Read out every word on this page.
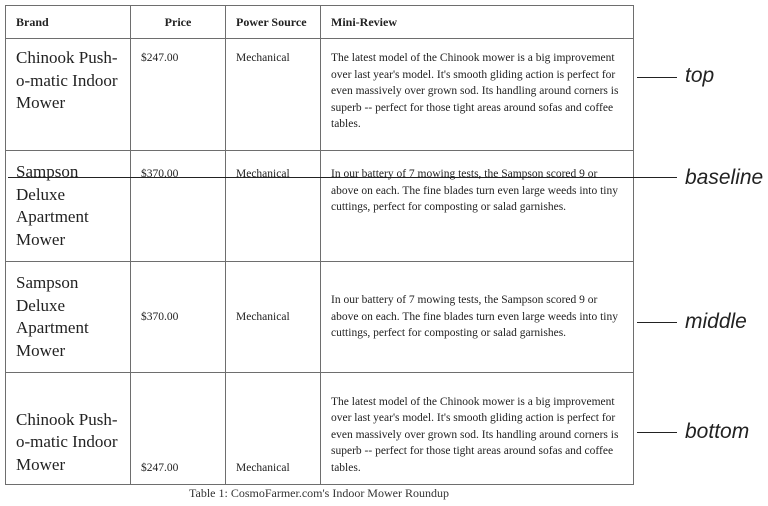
Brand	Price	Power Source	Mini-Review
Chinook Push-o-matic Indoor Mower	$247.00	Mechanical	The latest model of the Chinook mower is a big improvement over last year's model. It's smooth gliding action is perfect for even massively over grown sod. Its handling around corners is superb -- perfect for those tight areas around sofas and coffee tables.
Sampson Deluxe Apartment Mower	$370.00	Mechanical	In our battery of 7 mowing tests, the Sampson scored 9 or above on each. The fine blades turn even large weeds into tiny cuttings, perfect for composting or salad garnishes.
Sampson Deluxe Apartment Mower	$370.00	Mechanical	In our battery of 7 mowing tests, the Sampson scored 9 or above on each. The fine blades turn even large weeds into tiny cuttings, perfect for composting or salad garnishes.
Chinook Push-o-matic Indoor Mower	$247.00	Mechanical	The latest model of the Chinook mower is a big improvement over last year's model. It's smooth gliding action is perfect for even massively over grown sod. Its handling around corners is superb -- perfect for those tight areas around sofas and coffee tables.
top
baseline
middle
bottom
Table 1: CosmoFarmer.com's Indoor Mower Roundup
